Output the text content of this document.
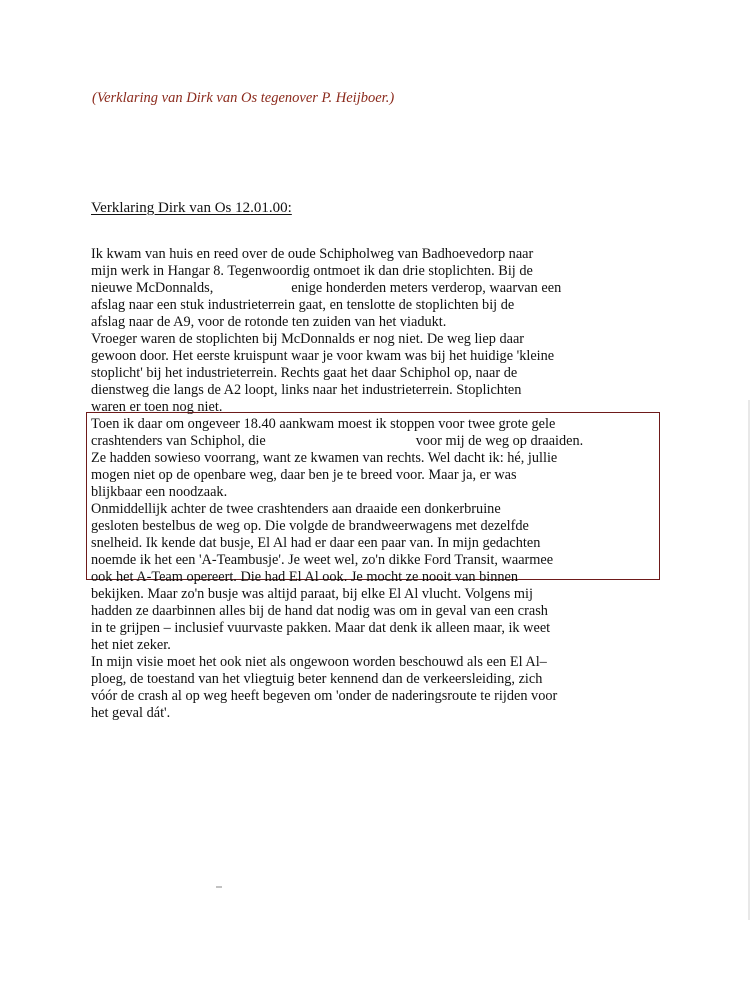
(Verklaring van Dirk van Os tegenover P. Heijboer.)
Verklaring Dirk van Os 12.01.00:
Ik kwam van huis en reed over de oude Schipholweg van Badhoevedorp naar
mijn werk in Hangar 8. Tegenwoordig ontmoet ik dan drie stoplichten. Bij de
nieuwe McDonnalds,	enige honderden meters verderop, waarvan een
afslag naar een stuk industrieterrein gaat, en tenslotte de stoplichten bij de
afslag naar de A9, voor de rotonde ten zuiden van het viadukt.
Vroeger waren de stoplichten bij McDonnalds er nog niet. De weg liep daar
gewoon door. Het eerste kruispunt waar je voor kwam was bij het huidige 'kleine
stoplicht' bij het industrieterrein. Rechts gaat het daar Schiphol op, naar de
dienstweg die langs de A2 loopt, links naar het industrieterrein. Stoplichten
waren er toen nog niet.
Toen ik daar om ongeveer 18.40 aankwam moest ik stoppen voor twee grote gele
crashtenders van Schiphol, die	voor mij de weg op draaiden.
Ze hadden sowieso voorrang, want ze kwamen van rechts. Wel dacht ik: hé, jullie
mogen niet op de openbare weg, daar ben je te breed voor. Maar ja, er was
blijkbaar een noodzaak.
Onmiddellijk achter de twee crashtenders aan draaide een donkerbruine
gesloten bestelbus de weg op. Die volgde de brandweerwagens met dezelfde
snelheid. Ik kende dat busje, El Al had er daar een paar van. In mijn gedachten
noemde ik het een 'A-Teambusje'. Je weet wel, zo'n dikke Ford Transit, waarmee
ook het A-Team opereert. Die had El Al ook. Je mocht ze nooit van binnen
bekijken. Maar zo'n busje was altijd paraat, bij elke El Al vlucht. Volgens mij
hadden ze daarbinnen alles bij de hand dat nodig was om in geval van een crash
in te grijpen – inclusief vuurvaste pakken. Maar dat denk ik alleen maar, ik weet
het niet zeker.
In mijn visie moet het ook niet als ongewoon worden beschouwd als een El Al–
ploeg, de toestand van het vliegtuig beter kennend dan de verkeersleiding, zich
vóór de crash al op weg heeft begeven om 'onder de naderingsroute te rijden voor
het geval dát'.
